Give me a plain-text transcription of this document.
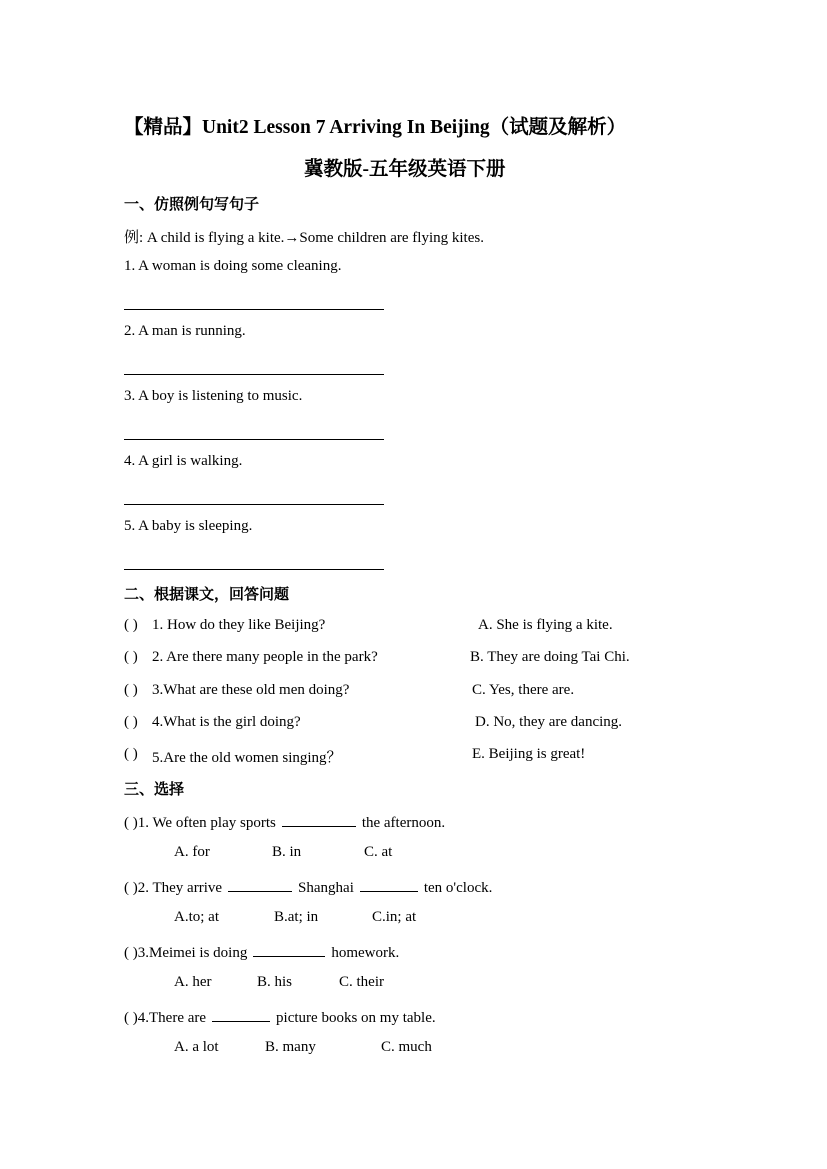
【精品】Unit2 Lesson 7 Arriving In Beijing（试题及解析）
冀教版-五年级英语下册
一、仿照例句写句子
例: A child is flying a kite.→Some children are flying kites.
1. A woman is doing some cleaning.
2. A man is running.
3. A boy is listening to music.
4. A girl is walking.
5. A baby is sleeping.
二、根据课文，回答问题
( ) 1. How do they like Beijing?	A. She is flying a kite.
( ) 2. Are there many people in the park?	B. They are doing Tai Chi.
( ) 3.What are these old men doing?	C. Yes, there are.
( ) 4.What is the girl doing?	D. No, they are dancing.
( ) 5.Are the old women singing？	E. Beijing is great!
三、选择
( )1. We often play sports	the afternoon.
A. for	B. in	C. at
( )2. They arrive	Shanghai	ten o'clock.
A.to; at	B.at; in	C.in; at
( )3.Meimei is doing	homework.
A. her	B. his	C. their
( )4.There are	picture books on my table.
A. a lot	B. many	C. much
